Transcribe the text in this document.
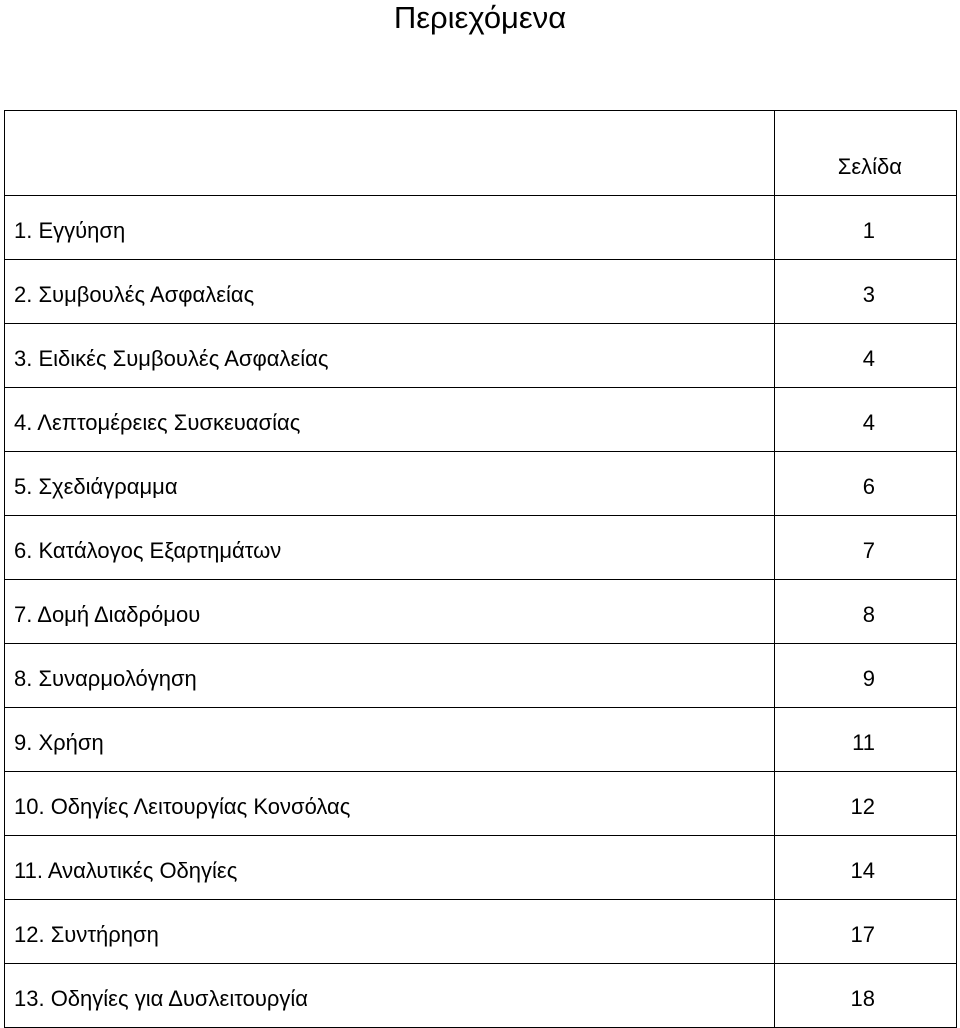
Περιεχόμενα
	Σελίδα
1. Εγγύηση	1
2. Συμβουλές Ασφαλείας	3
3. Ειδικές Συμβουλές Ασφαλείας	4
4. Λεπτομέρειες Συσκευασίας	4
5. Σχεδιάγραμμα	6
6. Κατάλογος Εξαρτημάτων	7
7. Δομή Διαδρόμου	8
8. Συναρμολόγηση	9
9. Χρήση	11
10. Οδηγίες Λειτουργίας Κονσόλας	12
11. Αναλυτικές Οδηγίες	14
12. Συντήρηση	17
13. Οδηγίες για Δυσλειτουργία	18
